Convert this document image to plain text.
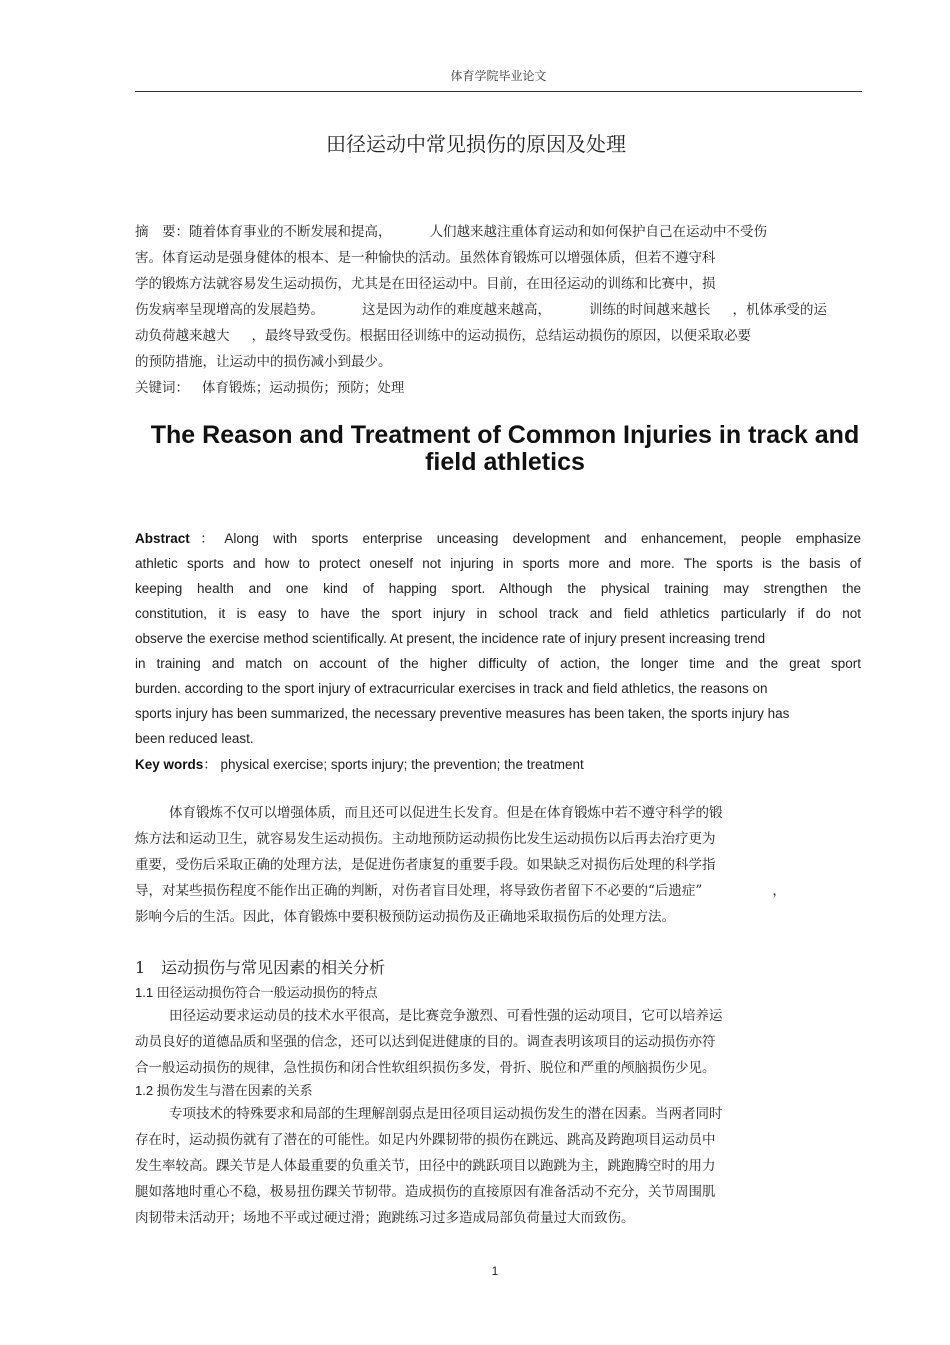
体育学院毕业论文
田径运动中常见损伤的原因及处理

摘　要：随着体育事业的不断发展和提高，	人们越来越注重体育运动和如何保护自己在运动中不受伤

害。体育运动是强身健体的根本、是一种愉快的活动。虽然体育锻炼可以增强体质，但若不遵守科

学的锻炼方法就容易发生运动损伤，尤其是在田径运动中。目前，在田径运动的训练和比赛中，损

伤发病率呈现增高的发展趋势。	这是因为动作的难度越来越高，	训练的时间越来越长 ，机体承受的运

动负荷越来越大 ，最终导致受伤。根据田径训练中的运动损伤，总结运动损伤的原因，以便采取必要

的预防措施，让运动中的损伤减小到最少。

关键词： 体育锻炼；运动损伤；预防；处理

The Reason and Treatment of Common Injuries in track and field athletics

Abstract：Along with sports enterprise unceasing development and enhancement, people emphasize

athletic sports and how to protect oneself not injuring in sports more and more. The sports is the basis of

keeping health and one kind of happing sport. Although the physical training may strengthen the

constitution, it is easy to have the sport injury in school track and field athletics particularly if do not

observe the exercise method scientifically. At present, the incidence rate of injury present increasing trend

in training and match on account of the higher difficulty of action, the longer time and the great sport

burden. according to the sport injury of extracurricular exercises in track and field athletics, the reasons on

sports injury has been summarized, the necessary preventive measures has been taken, the sports injury has

been reduced least.

Key words： physical exercise; sports injury; the prevention; the treatment

体育锻炼不仅可以增强体质，而且还可以促进生长发育。但是在体育锻炼中若不遵守科学的锻

炼方法和运动卫生，就容易发生运动损伤。主动地预防运动损伤比发生运动损伤以后再去治疗更为

重要，受伤后采取正确的处理方法，是促进伤者康复的重要手段。如果缺乏对损伤后处理的科学指

导，对某些损伤程度不能作出正确的判断，对伤者盲目处理，将导致伤者留下不必要的“后遗症”	，

影响今后的生活。因此，体育锻炼中要积极预防运动损伤及正确地采取损伤后的处理方法。

1　运动损伤与常见因素的相关分析
1.1 田径运动损伤符合一般运动损伤的特点

田径运动要求运动员的技术水平很高，是比赛竞争激烈、可看性强的运动项目，它可以培养运

动员良好的道德品质和坚强的信念，还可以达到促进健康的目的。调查表明该项目的运动损伤亦符

合一般运动损伤的规律，急性损伤和闭合性软组织损伤多发，骨折、脱位和严重的颅脑损伤少见。

1.2 损伤发生与潜在因素的关系

专项技术的特殊要求和局部的生理解剖弱点是田径项目运动损伤发生的潜在因素。当两者同时

存在时，运动损伤就有了潜在的可能性。如足内外踝韧带的损伤在跳远、跳高及跨跑项目运动员中

发生率较高。踝关节是人体最重要的负重关节，田径中的跳跃项目以跑跳为主，跳跑腾空时的用力

腿如落地时重心不稳，极易扭伤踝关节韧带。造成损伤的直接原因有准备活动不充分，关节周围肌

肉韧带未活动开；场地不平或过硬过滑；跑跳练习过多造成局部负荷量过大而致伤。

1
